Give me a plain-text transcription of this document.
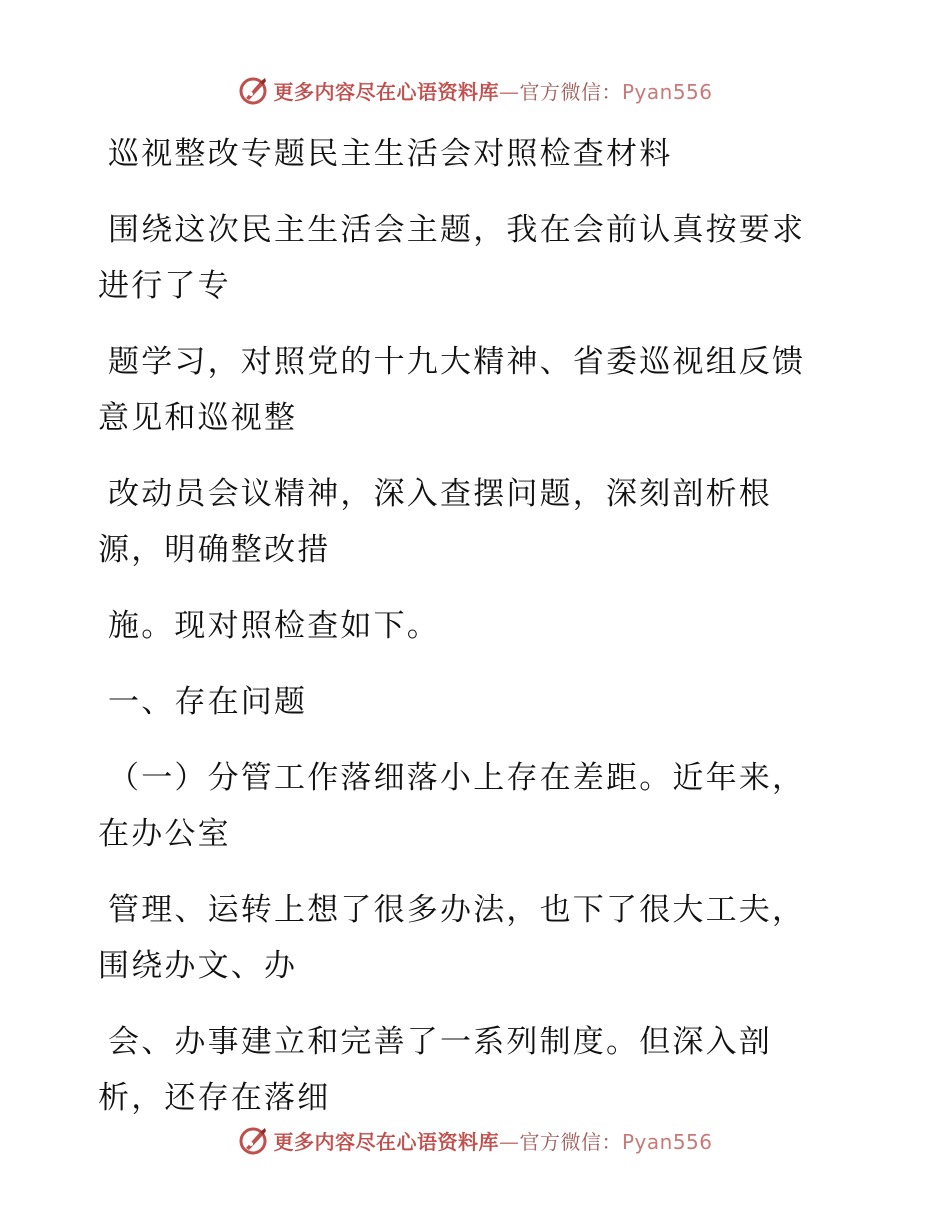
更多内容尽在心语资料库—官方微信：Pyan556

巡视整改专题民主生活会对照检查材料

围绕这次民主生活会主题，我在会前认真按要求
进行了专

题学习，对照党的十九大精神、省委巡视组反馈
意见和巡视整

改动员会议精神，深入查摆问题，深刻剖析根
源，明确整改措

施。现对照检查如下。

一、存在问题

（一）分管工作落细落小上存在差距。近年来，
在办公室

管理、运转上想了很多办法，也下了很大工夫，
围绕办文、办

会、办事建立和完善了一系列制度。但深入剖
析，还存在落细

更多内容尽在心语资料库—官方微信：Pyan556
